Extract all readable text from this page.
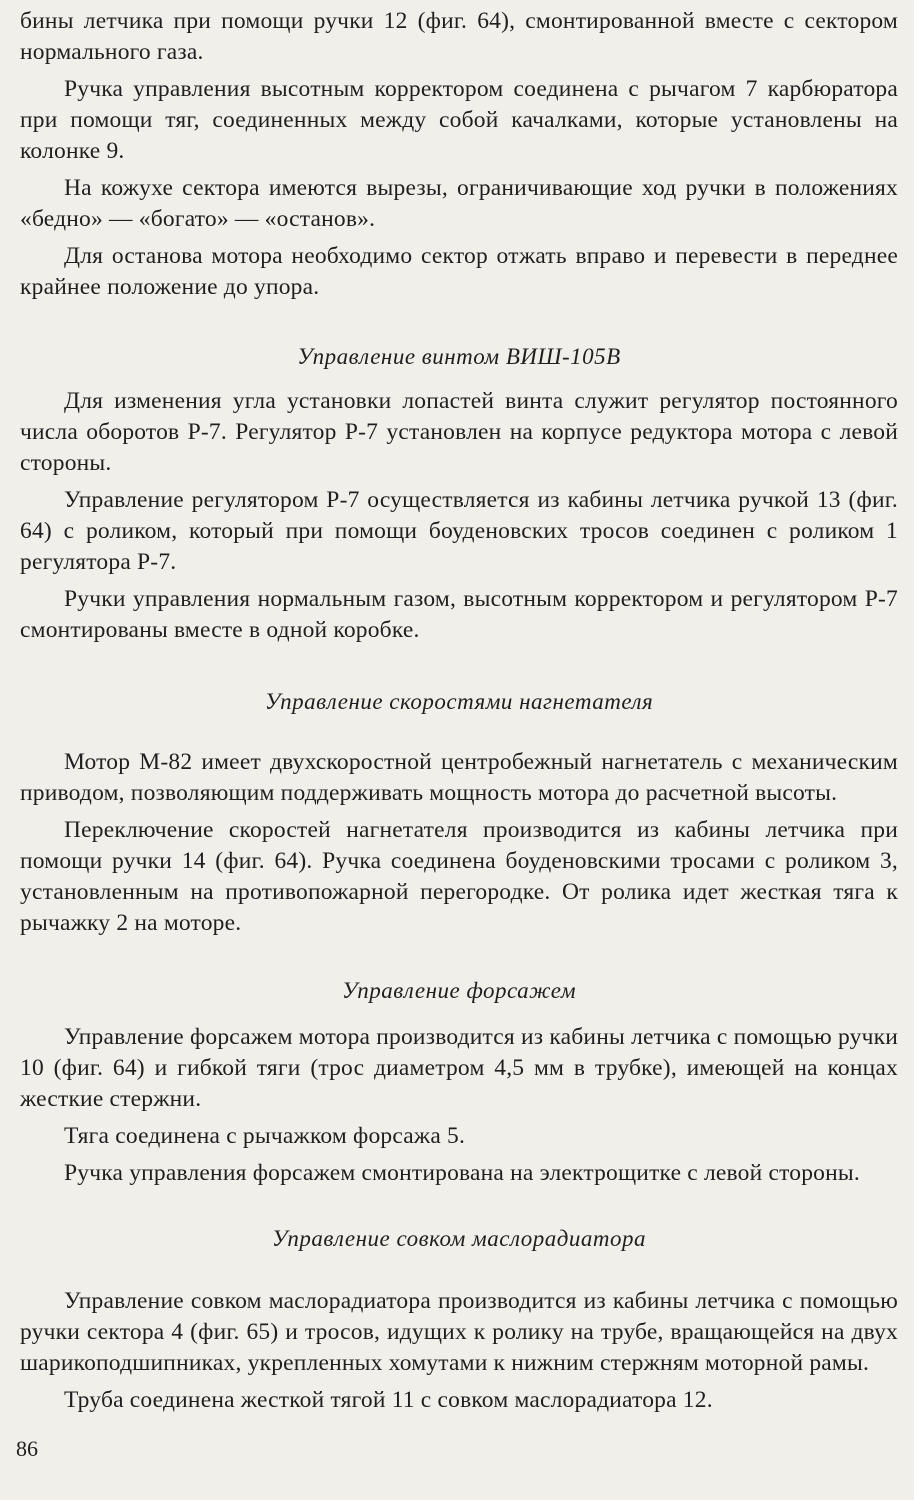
бины летчика при помощи ручки 12 (фиг. 64), смонтированной вместе с сектором нормального газа.

Ручка управления высотным корректором соединена с рычагом 7 карбюратора при помощи тяг, соединенных между собой качалками, которые установлены на колонке 9.

На кожухе сектора имеются вырезы, ограничивающие ход ручки в положениях «бедно» — «богато» — «останов».

Для останова мотора необходимо сектор отжать вправо и перевести в переднее крайнее положение до упора.

Управление винтом ВИШ-105В

Для изменения угла установки лопастей винта служит регулятор постоянного числа оборотов Р-7. Регулятор Р-7 установлен на корпусе редуктора мотора с левой стороны.

Управление регулятором Р-7 осуществляется из кабины летчика ручкой 13 (фиг. 64) с роликом, который при помощи боуденовских тросов соединен с роликом 1 регулятора Р-7.

Ручки управления нормальным газом, высотным корректором и регулятором Р-7 смонтированы вместе в одной коробке.

Управление скоростями нагнетателя

Мотор М-82 имеет двухскоростной центробежный нагнетатель с механическим приводом, позволяющим поддерживать мощность мотора до расчетной высоты.

Переключение скоростей нагнетателя производится из кабины летчика при помощи ручки 14 (фиг. 64). Ручка соединена боуденовскими тросами с роликом 3, установленным на противопожарной перегородке. От ролика идет жесткая тяга к рычажку 2 на моторе.

Управление форсажем

Управление форсажем мотора производится из кабины летчика с помощью ручки 10 (фиг. 64) и гибкой тяги (трос диаметром 4,5 мм в трубке), имеющей на концах жесткие стержни.

Тяга соединена с рычажком форсажа 5.

Ручка управления форсажем смонтирована на электрощитке с левой стороны.

Управление совком маслорадиатора

Управление совком маслорадиатора производится из кабины летчика с помощью ручки сектора 4 (фиг. 65) и тросов, идущих к ролику на трубе, вращающейся на двух шарикоподшипниках, укрепленных хомутами к нижним стержням моторной рамы.

Труба соединена жесткой тягой 11 с совком маслорадиатора 12.

86
